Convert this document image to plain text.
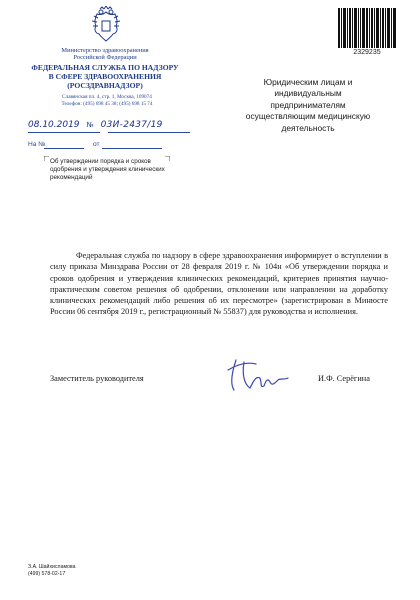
Министерство здравоохранения
Российской Федерации
ФЕДЕРАЛЬНАЯ СЛУЖБА ПО НАДЗОРУ
В СФЕРЕ ЗДРАВООХРАНЕНИЯ
(РОСЗДРАВНАДЗОР)
Славянская пл. 4, стр. 1, Москва, 109074
Телефон: (495) 698 45 38; (495) 698 15 74
2329235
Юридическим лицам и
индивидуальным
предпринимателям
осуществляющим медицинскую
деятельность
08.10.2019 № 03И-2437/19
На №	от
Об утверждении порядка и сроков
одобрения и утверждения клинических
рекомендаций

Федеральная служба по надзору в сфере здравоохранения информирует о вступлении в силу приказа Минздрава России от 28 февраля 2019 г. № 104н «Об утверждении порядка и сроков одобрения и утверждения клинических рекомендаций, критериев принятия научно-практическим советом решения об одобрении, отклонении или направлении на доработку клинических рекомендаций либо решения об их пересмотре» (зарегистрирован в Минюсте России 06 сентября 2019 г., регистрационный № 55837) для руководства и исполнения.

Заместитель руководителя	И.Ф. Серёгина
З.А. Шайхисламова
(499) 578-02-17
